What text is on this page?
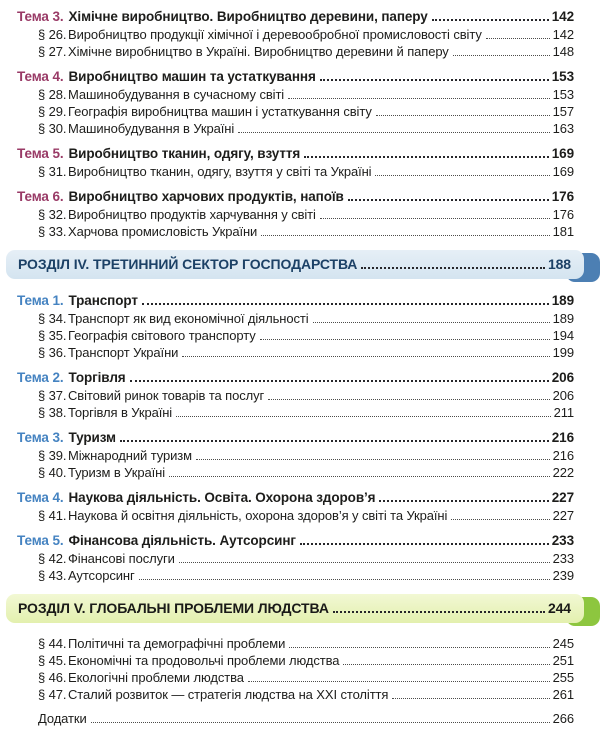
Тема 3. Хімічне виробництво. Виробництво деревини, паперу	142
§ 26. Виробництво продукції хімічної і деревообробної промисловості світу	142
§ 27. Хімічне виробництво в Україні. Виробництво деревини й паперу	148
Тема 4. Виробництво машин та устаткування	153
§ 28. Машинобудування в сучасному світі	153
§ 29. Географія виробництва машин і устаткування світу	157
§ 30. Машинобудування в Україні	163
Тема 5. Виробництво тканин, одягу, взуття	169
§ 31. Виробництво тканин, одягу, взуття у світі та Україні	169
Тема 6. Виробництво харчових продуктів, напоїв	176
§ 32. Виробництво продуктів харчування у світі	176
§ 33. Харчова промисловість України	181
РОЗДІЛ IV. ТРЕТИННИЙ СЕКТОР ГОСПОДАРСТВА	188
Тема 1. Транспорт	189
§ 34. Транспорт як вид економічної діяльності	189
§ 35. Географія світового транспорту	194
§ 36. Транспорт України	199
Тема 2. Торгівля	206
§ 37. Світовий ринок товарів та послуг	206
§ 38. Торгівля в Україні	211
Тема 3. Туризм	216
§ 39. Міжнародний туризм	216
§ 40. Туризм в Україні	222
Тема 4. Наукова діяльність. Освіта. Охорона здоров’я	227
§ 41. Наукова й освітня діяльність, охорона здоров’я у світі та Україні	227
Тема 5. Фінансова діяльність. Аутсорсинг	233
§ 42. Фінансові послуги	233
§ 43. Аутсорсинг	239
РОЗДІЛ V. ГЛОБАЛЬНІ ПРОБЛЕМИ ЛЮДСТВА	244
§ 44. Політичні та демографічні проблеми	245
§ 45. Економічні та продовольчі проблеми людства	251
§ 46. Екологічні проблеми людства	255
§ 47. Сталий розвиток — стратегія людства на XXI століття	261
Додатки	266
